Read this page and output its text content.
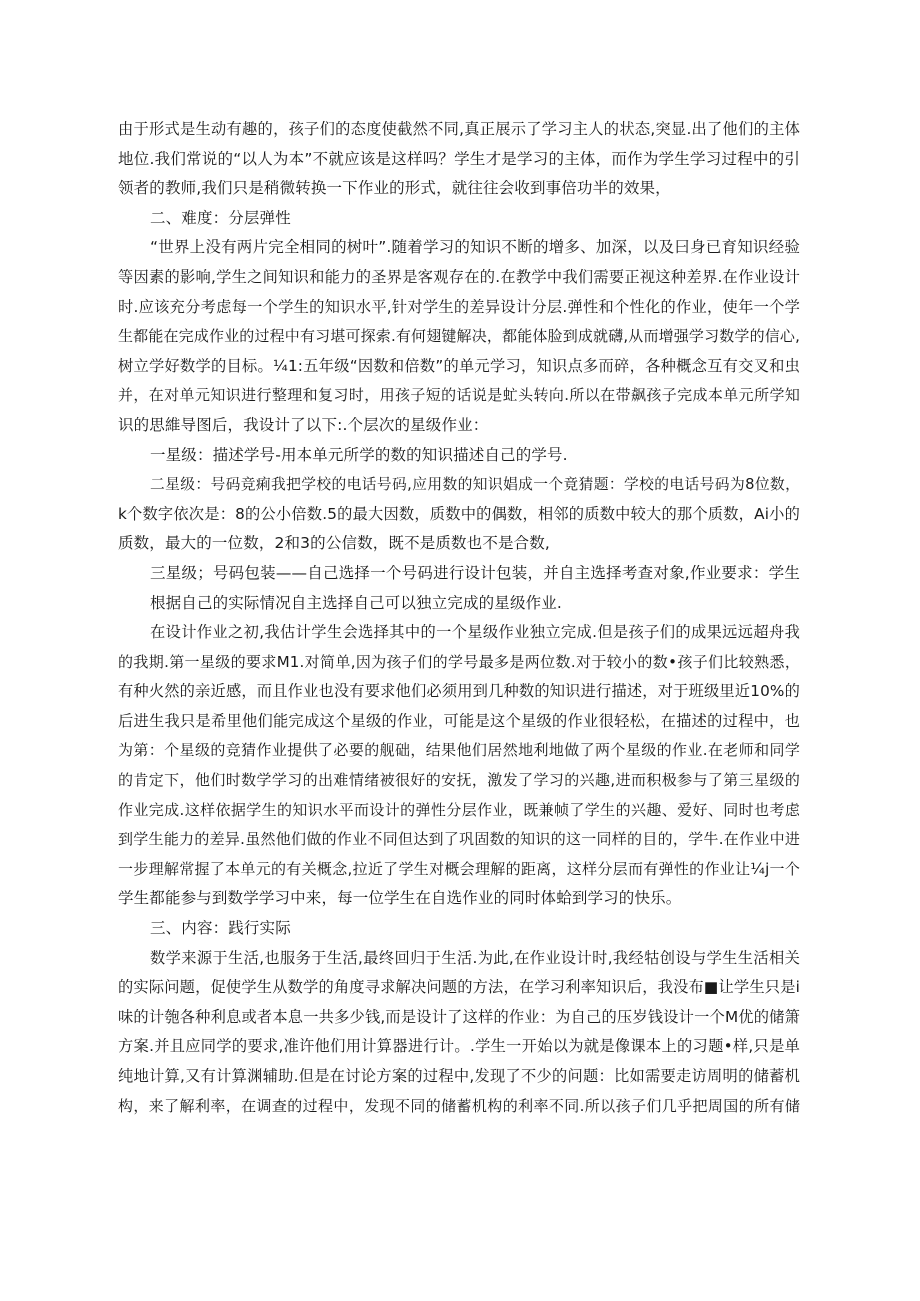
由于形式是生动有趣的，孩子们的态度使截然不同,真正展示了学习主人的状态,突显.出了他们的主体
地位.我们常说的“以人为本”不就应该是这样吗？学生才是学习的主体，而作为学生学习过程中的引
领者的教师,我们只是稍微转换一下作业的形式，就往往会收到事倍功半的效果，
二、难度：分层弹性
“世界上没有两片完全相同的树叶”.随着学习的知识不断的增多、加深，以及曰身已育知识经验
等因素的影响,学生之间知识和能力的圣界是客观存在的.在教学中我们需要正视这种差界.在作业设计
时.应该充分考虑每一个学生的知识水平,针对学生的差异设计分层.弹性和个性化的作业，使年一个学
生都能在完成作业的过程中有习堪可探索.有何翅键解决，都能体脸到成就礴,从而增强学习数学的信心,
树立学好数学的目标。¼1:五年级“因数和倍数”的单元学习，知识点多而碎，各种概念互有交叉和虫
并，在对单元知识进行整理和复习时，用孩子短的话说是虻头转向.所以在带飙孩子完成本单元所学知
识的思維导图后，我设计了以下:.个层次的星级作业：
一星级：描述学号-用本单元所学的数的知识描述自己的学号.
二星级：号码竞痢我把学校的电话号码,应用数的知识娼成一个竟猜题：学校的电话号码为8位数，
k个数字依次是：8的公小倍数.5的最大因数，质数中的偶数，相邻的质数中较大的那个质数，Ai小的
质数，最大的一位数，2和3的公信数，既不是质数也不是合数,
三星级；号码包装——自己选择一个号码进行设计包装，并自主选择考查对象,作业要求：学生
根据自己的实际情况自主选择自己可以独立完成的星级作业.
在设计作业之初,我估计学生会选择其中的一个星级作业独立完成.但是孩子们的成果远远超舟我
的我期.第一星级的要求M1.对简单,因为孩子们的学号最多是两位数.对于较小的数•孩子们比较熟悉，
有种火然的亲近感，而且作业也没有要求他们必须用到几种数的知识进行描述，对于班级里近10%的
后进生我只是希里他们能完成这个星级的作业，可能是这个星级的作业很轻松，在描述的过程中，也
为第：个星级的竞猜作业提供了必要的舰础，结果他们居然地利地做了两个星级的作业.在老师和同学
的肯定下，他们时数学学习的出难情绪被很好的安抚，激发了学习的兴趣,进而积极参与了第三星级的
作业完成.这样依据学生的知识水平而设计的弹性分层作业，既兼帧了学生的兴趣、爱好、同时也考虑
到学生能力的差异.虽然他们做的作业不同但达到了巩固数的知识的这一同样的目的，学牛.在作业中进
一步理解常握了本单元的有关概念,拉近了学生对概会理解的距离，这样分层而有弹性的作业让¼j一个
学生都能参与到数学学习中来，每一位学生在自选作业的同时体蛤到学习的快乐。
三、内容：践行实际
数学来源于生活,也服务于生活,最终回归于生活.为此,在作业设计时,我经牯创设与学生生活相关
的实际问题，促使学生从数学的角度寻求解决问题的方法，在学习利率知识后，我没布■让学生只是i
味的计匏各种利息或者本息一共多少钱,而是设计了这样的作业：为自己的压岁钱设计一个M优的储箫
方案.并且应同学的要求,准许他们用计算器进行计。.学生一开始以为就是像课本上的习题•样,只是单
纯地计算,又有计算渊辅助.但是在讨论方案的过程中,发现了不少的问题：比如需要走访周明的储蓄机
构，来了解利率，在调查的过程中，发现不同的储蓄机构的利率不同.所以孩子们几乎把周国的所有储
